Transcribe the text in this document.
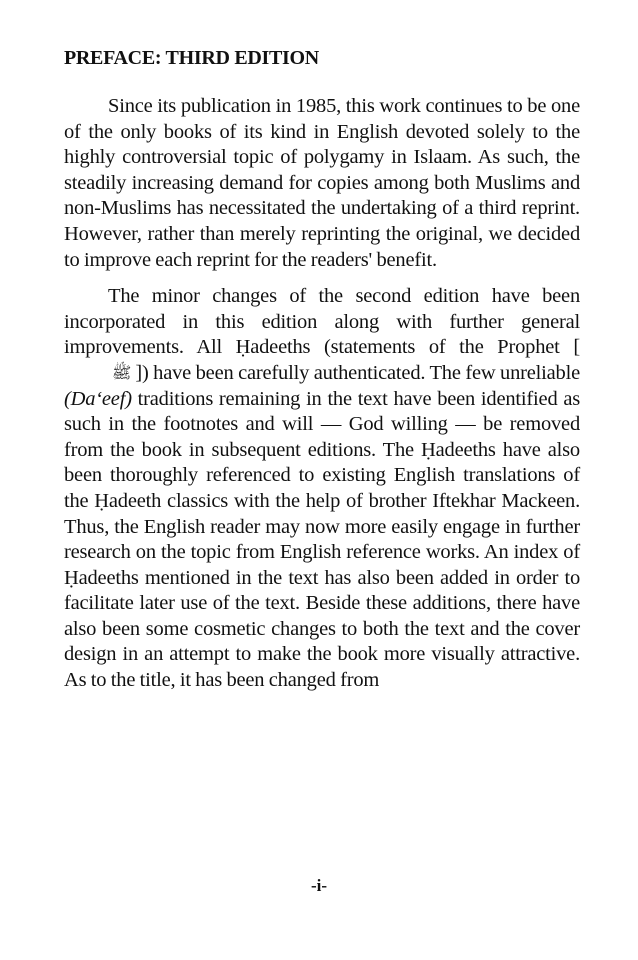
PREFACE: THIRD EDITION

Since its publication in 1985, this work continues to be one of the only books of its kind in English devoted solely to the highly controversial topic of polygamy in Islaam. As such, the steadily increasing demand for copies among both Muslims and non-Muslims has necessitated the undertaking of a third reprint. However, rather than merely reprinting the original, we decided to improve each reprint for the readers' benefit.

The minor changes of the second edition have been incorporated in this edition along with further general improvements. All Ḥadeeths (statements of the Prophet [ﷺ ]) have been carefully authenticated. The few unreliable (Da‘eef) traditions remaining in the text have been identified as such in the footnotes and will — God willing — be removed from the book in subsequent editions. The Ḥadeeths have also been thoroughly referenced to existing English translations of the Ḥadeeth classics with the help of brother Iftekhar Mackeen. Thus, the English reader may now more easily engage in further research on the topic from English reference works. An index of Ḥadeeths mentioned in the text has also been added in order to facilitate later use of the text. Beside these additions, there have also been some cosmetic changes to both the text and the cover design in an attempt to make the book more visually attractive. As to the title, it has been changed from

-i-
